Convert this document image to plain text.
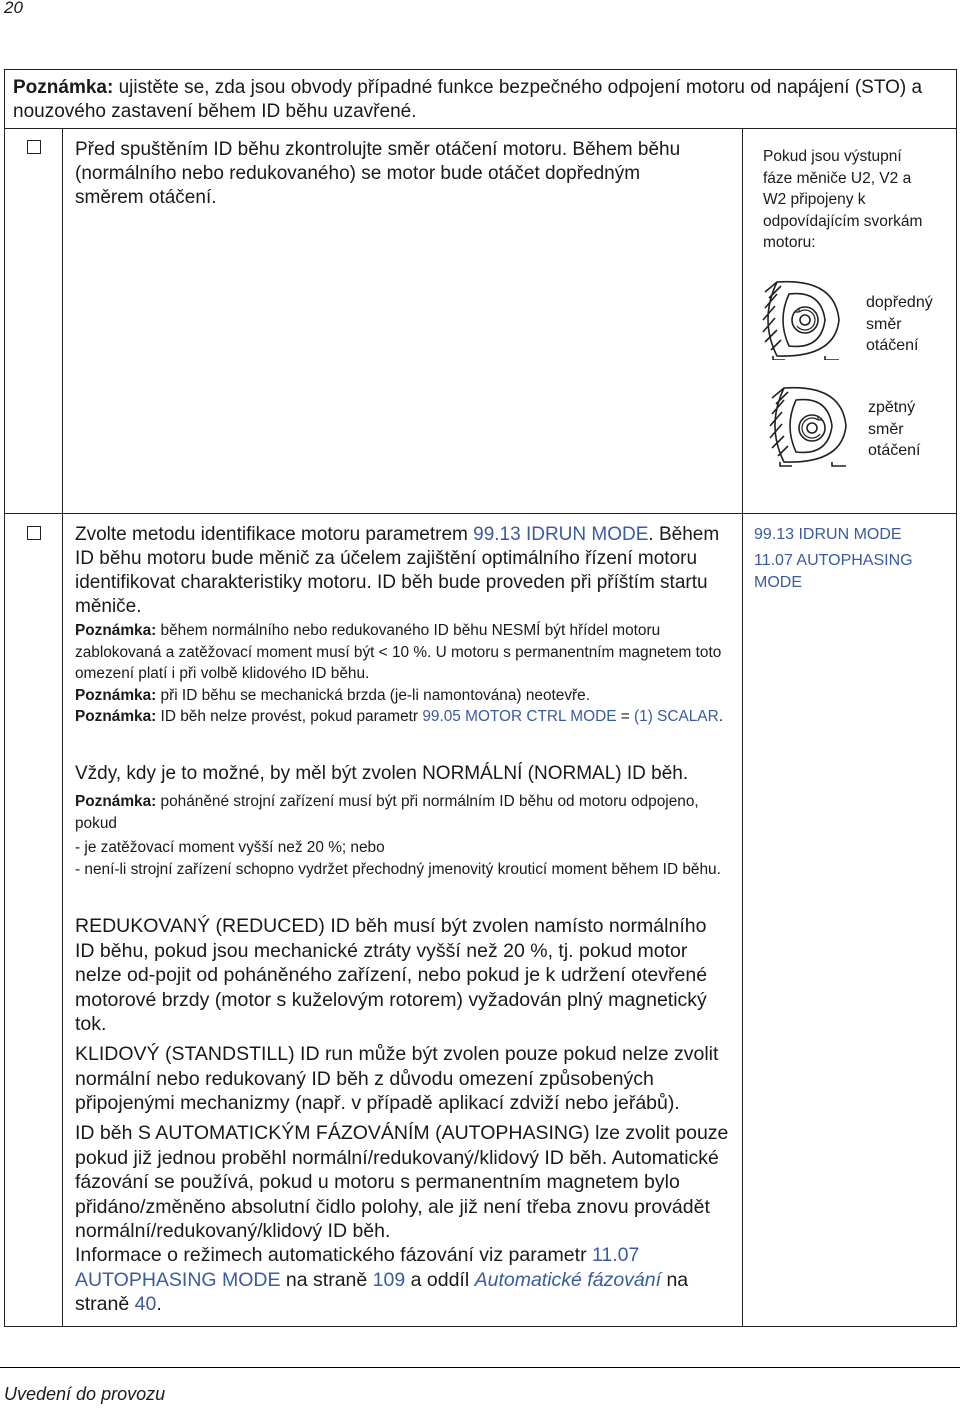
20
Poznámka: ujistěte se, zda jsou obvody případné funkce bezpečného odpojení motoru od napájení (STO) a nouzového zastavení během ID běhu uzavřené.
Před spuštěním ID běhu zkontrolujte směr otáčení motoru. Během běhu (normálního nebo redukovaného) se motor bude otáčet dopředným směrem otáčení.
Pokud jsou výstupní fáze měniče U2, V2 a W2 připojeny k odpovídajícím svorkám motoru:
dopředný směr otáčení
zpětný směr otáčení
Zvolte metodu identifikace motoru parametrem 99.13 IDRUN MODE. Během ID běhu motoru bude měnič za účelem zajištění optimálního řízení motoru identifikovat charakteristiky motoru. ID běh bude proveden při příštím startu měniče.
Poznámka: během normálního nebo redukovaného ID běhu NESMÍ být hřídel motoru zablokovaná a zatěžovací moment musí být < 10 %. U motoru s permanentním magnetem toto omezení platí i při volbě klidového ID běhu.
Poznámka: při ID běhu se mechanická brzda (je-li namontována) neotevře.
Poznámka: ID běh nelze provést, pokud parametr 99.05 MOTOR CTRL MODE = (1) SCALAR.
Vždy, kdy je to možné, by měl být zvolen NORMÁLNÍ (NORMAL) ID běh.
Poznámka: poháněné strojní zařízení musí být při normálním ID běhu od motoru odpojeno, pokud
- je zatěžovací moment vyšší než 20 %; nebo
- není-li strojní zařízení schopno vydržet přechodný jmenovitý krouticí moment během ID běhu.
REDUKOVANÝ (REDUCED) ID běh musí být zvolen namísto normálního ID běhu, pokud jsou mechanické ztráty vyšší než 20 %, tj. pokud motor nelze od-pojit od poháněného zařízení, nebo pokud je k udržení otevřené motorové brzdy (motor s kuželovým rotorem) vyžadován plný magnetický tok.
KLIDOVÝ (STANDSTILL) ID run může být zvolen pouze pokud nelze zvolit normální nebo redukovaný ID běh z důvodu omezení způsobených připojenými mechanizmy (např. v případě aplikací zdviží nebo jeřábů).
ID běh S AUTOMATICKÝM FÁZOVÁNÍM (AUTOPHASING) lze zvolit pouze pokud již jednou proběhl normální/redukovaný/klidový ID běh. Automatické fázování se používá, pokud u motoru s permanentním magnetem bylo přidáno/změněno absolutní čidlo polohy, ale již není třeba znovu provádět normální/redukovaný/klidový ID běh.
Informace o režimech automatického fázování viz parametr 11.07 AUTOPHASING MODE na straně 109 a oddíl Automatické fázování na straně 40.
99.13 IDRUN MODE
11.07 AUTOPHASING MODE
Uvedení do provozu
